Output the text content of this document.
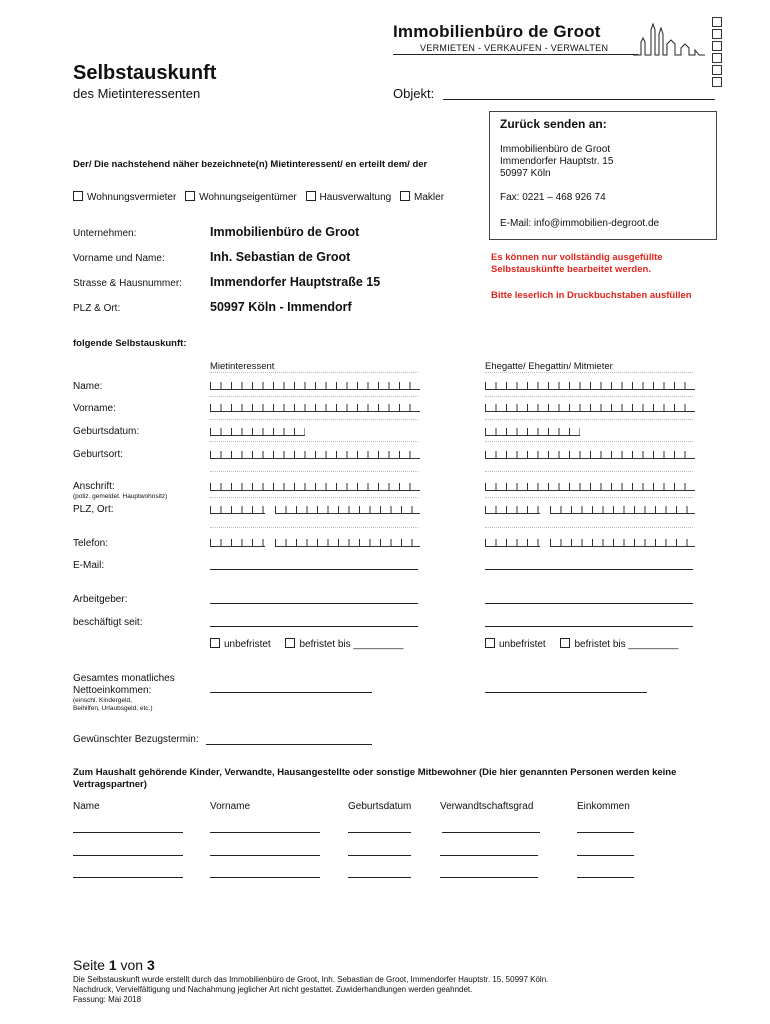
Immobilienbüro de Groot
VERMIETEN - VERKAUFEN - VERWALTEN
Selbstauskunft
des Mietinteressenten	Objekt:
Zurück senden an:
Immobilienbüro de Groot
Immendorfer Hauptstr. 15
50997 Köln
Fax: 0221 – 468 926 74
E-Mail: info@immobilien-degroot.de
Es können nur vollständig ausgefüllte
Selbstauskünfte bearbeitet werden.
Bitte leserlich in Druckbuchstaben ausfüllen
Der/ Die nachstehend näher bezeichnete(n) Mietinteressent/ en erteilt dem/ der
Wohnungsvermieter Wohnungseigentümer Hausverwaltung Makler
Unternehmen:	Immobilienbüro de Groot
Vorname und Name:	Inh. Sebastian de Groot
Strasse & Hausnummer: Immendorfer Hauptstraße 15
PLZ & Ort:	50997 Köln - Immendorf
folgende Selbstauskunft:
Mietinteressent	Ehegatte/ Ehegattin/ Mitmieter
Name:
Vorname:
Geburtsdatum:
Geburtsort:
Anschrift:
(poliz. gemeldet. Hauptwohnsitz)
PLZ, Ort:
Telefon:
E-Mail:
Arbeitgeber:
beschäftigt seit:
unbefristet	befristet bis _________	unbefristet	befristet bis _________
Gesamtes monatliches
Nettoeinkommen:
(einschl. Kindergeld,
Beihilfen, Urlaubsgeld, etc.)
Gewünschter Bezugstermin:
Zum Haushalt gehörende Kinder, Verwandte, Hausangestellte oder sonstige Mitbewohner (Die hier genannten Personen werden keine Vertragspartner)
Name	Vorname	Geburtsdatum	Verwandtschaftsgrad	Einkommen
Seite 1 von 3
Die Selbstauskunft wurde erstellt durch das Immobilienbüro de Groot, Inh. Sebastian de Groot, Immendorfer Hauptstr. 15, 50997 Köln.
Nachdruck, Vervielfältigung und Nachahmung jeglicher Art nicht gestattet. Zuwiderhandlungen werden geahndet.
Fassung: Mai 2018
